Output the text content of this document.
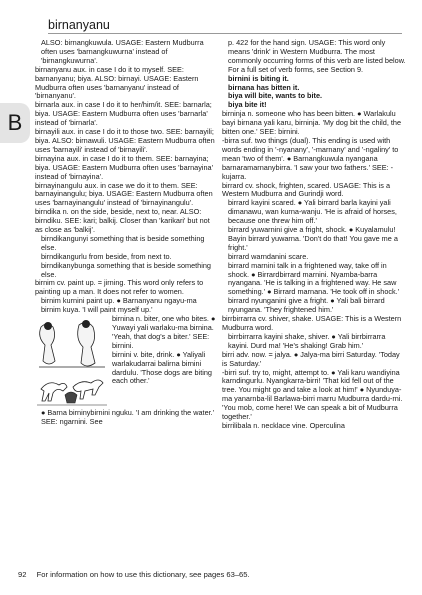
birnanyanu
B

ALSO: birnangkuwula. USAGE: Eastern Mudburra often uses 'barnangkuwurna' instead of 'birnangkuwurna'.

birnanyanu aux. in case I do it to myself. SEE: barnanyanu; biya. ALSO: birnayi. USAGE: Eastern Mudburra often uses 'barnanyanu' instead of 'birnanyanu'.

birnarla aux. in case I do it to her/him/it. SEE: barnarla; biya. USAGE: Eastern Mudburra often uses 'barnarla' instead of 'birnarla'.

birnayili aux. in case I do it to those two. SEE: barnayili; biya. ALSO: birnawuli. USAGE: Eastern Mudburra often uses 'barnayili' instead of 'birnayili'.

birnayina aux. in case I do it to them. SEE: barnayina; biya. USAGE: Eastern Mudburra often uses 'barnayina' instead of 'birnayina'.

birnayinangulu aux. in case we do it to them. SEE: barnayinangulu; biya. USAGE: Eastern Mudburra often uses 'barnayinangulu' instead of 'birnayinangulu'.

birndika n. on the side, beside, next to, near. ALSO: birndiku. SEE: kari; balkij. Closer than 'karikari' but not as close as 'balkij'.

birndikangunyi something that is beside something else.

birndikangurlu from beside, from next to.

birndikanybunga something that is beside something else.

birnim cv. paint up. = jirning. This word only refers to painting up a man. It does not refer to women.

birnim kurnini paint up. ● Barnanyanu ngayu-ma birnim kuya. 'I will paint myself up.'

birnina n. biter, one who bites. ● Yuwayi yali warlaku-ma birnina. 'Yeah, that dog's a biter.' SEE: birnini.

birnini v. bite, drink. ● Yaliyali warlakudarrai balirna birnini dardulu. 'Those dogs are biting each other.'

● Barna birninybirnini nguku. 'I am drinking the water.' SEE: ngarnini. See

p. 422 for the hand sign. USAGE: This word only means 'drink' in Western Mudburra. The most commonly occurring forms of this verb are listed below. For a full set of verb forms, see Section 9.

birnini is biting it.

birnana has bitten it.

biya will bite, wants to bite.

biya bite it!

birninja n. someone who has been bitten. ● Warlakulu bayi birnana yali karu, birninja. 'My dog bit the child, the bitten one.' SEE: birnini.

-birra suf. two things (dual). This ending is used with words ending in '-nyanany', '-marnany' and '-ngaliny' to mean 'two of them'. ● Barnangkuwula nyangana barnaramarnanybirra. 'I saw your two fathers.' SEE: -kujarra.

birrard cv. shock, frighten, scared. USAGE: This is a Western Mudburra and Gurindji word.

birrard kayini scared. ● Yali birrard barla kayini yali dimanawu, wan kurna-wanju. 'He is afraid of horses, because one threw him off.'

birrard yuwarnini give a fright, shock. ● Kuyalamulu! Bayin birrard yuwarna. 'Don't do that! You gave me a fright.'

birrard warndanini scare.

birrard marnini talk in a frightened way, take off in shock. ● Birrardbirrard marnini. Nyamba-barra nyangana. 'He is talking in a frightened way. He saw something.' ● Birrard marnana. 'He took off in shock.'

birrard nyunganini give a fright. ● Yali bali birrard nyungana. 'They frightened him.'

birrbirrarra cv. shiver, shake. USAGE: This is a Western Mudburra word.

birrbirrarra kayini shake, shiver. ● Yali birrbirrarra kayini. Durd ma! 'He's shaking! Grab him.'

birri adv. now. = jalya. ● Jalya-ma birri Saturday. 'Today is Saturday.'

-birri suf. try to, might, attempt to. ● Yali karu wandiyina karndingurlu. Nyangkarra-birri! 'That kid fell out of the tree. You might go and take a look at him!' ● Nyunduya-ma yanarnba-lil Barlawa-birri marru Mudburra dardu-rni. 'You mob, come here! We can speak a bit of Mudburra together.'

birrilibala n. necklace vine. Operculina

92 For information on how to use this dictionary, see pages 63–65.
